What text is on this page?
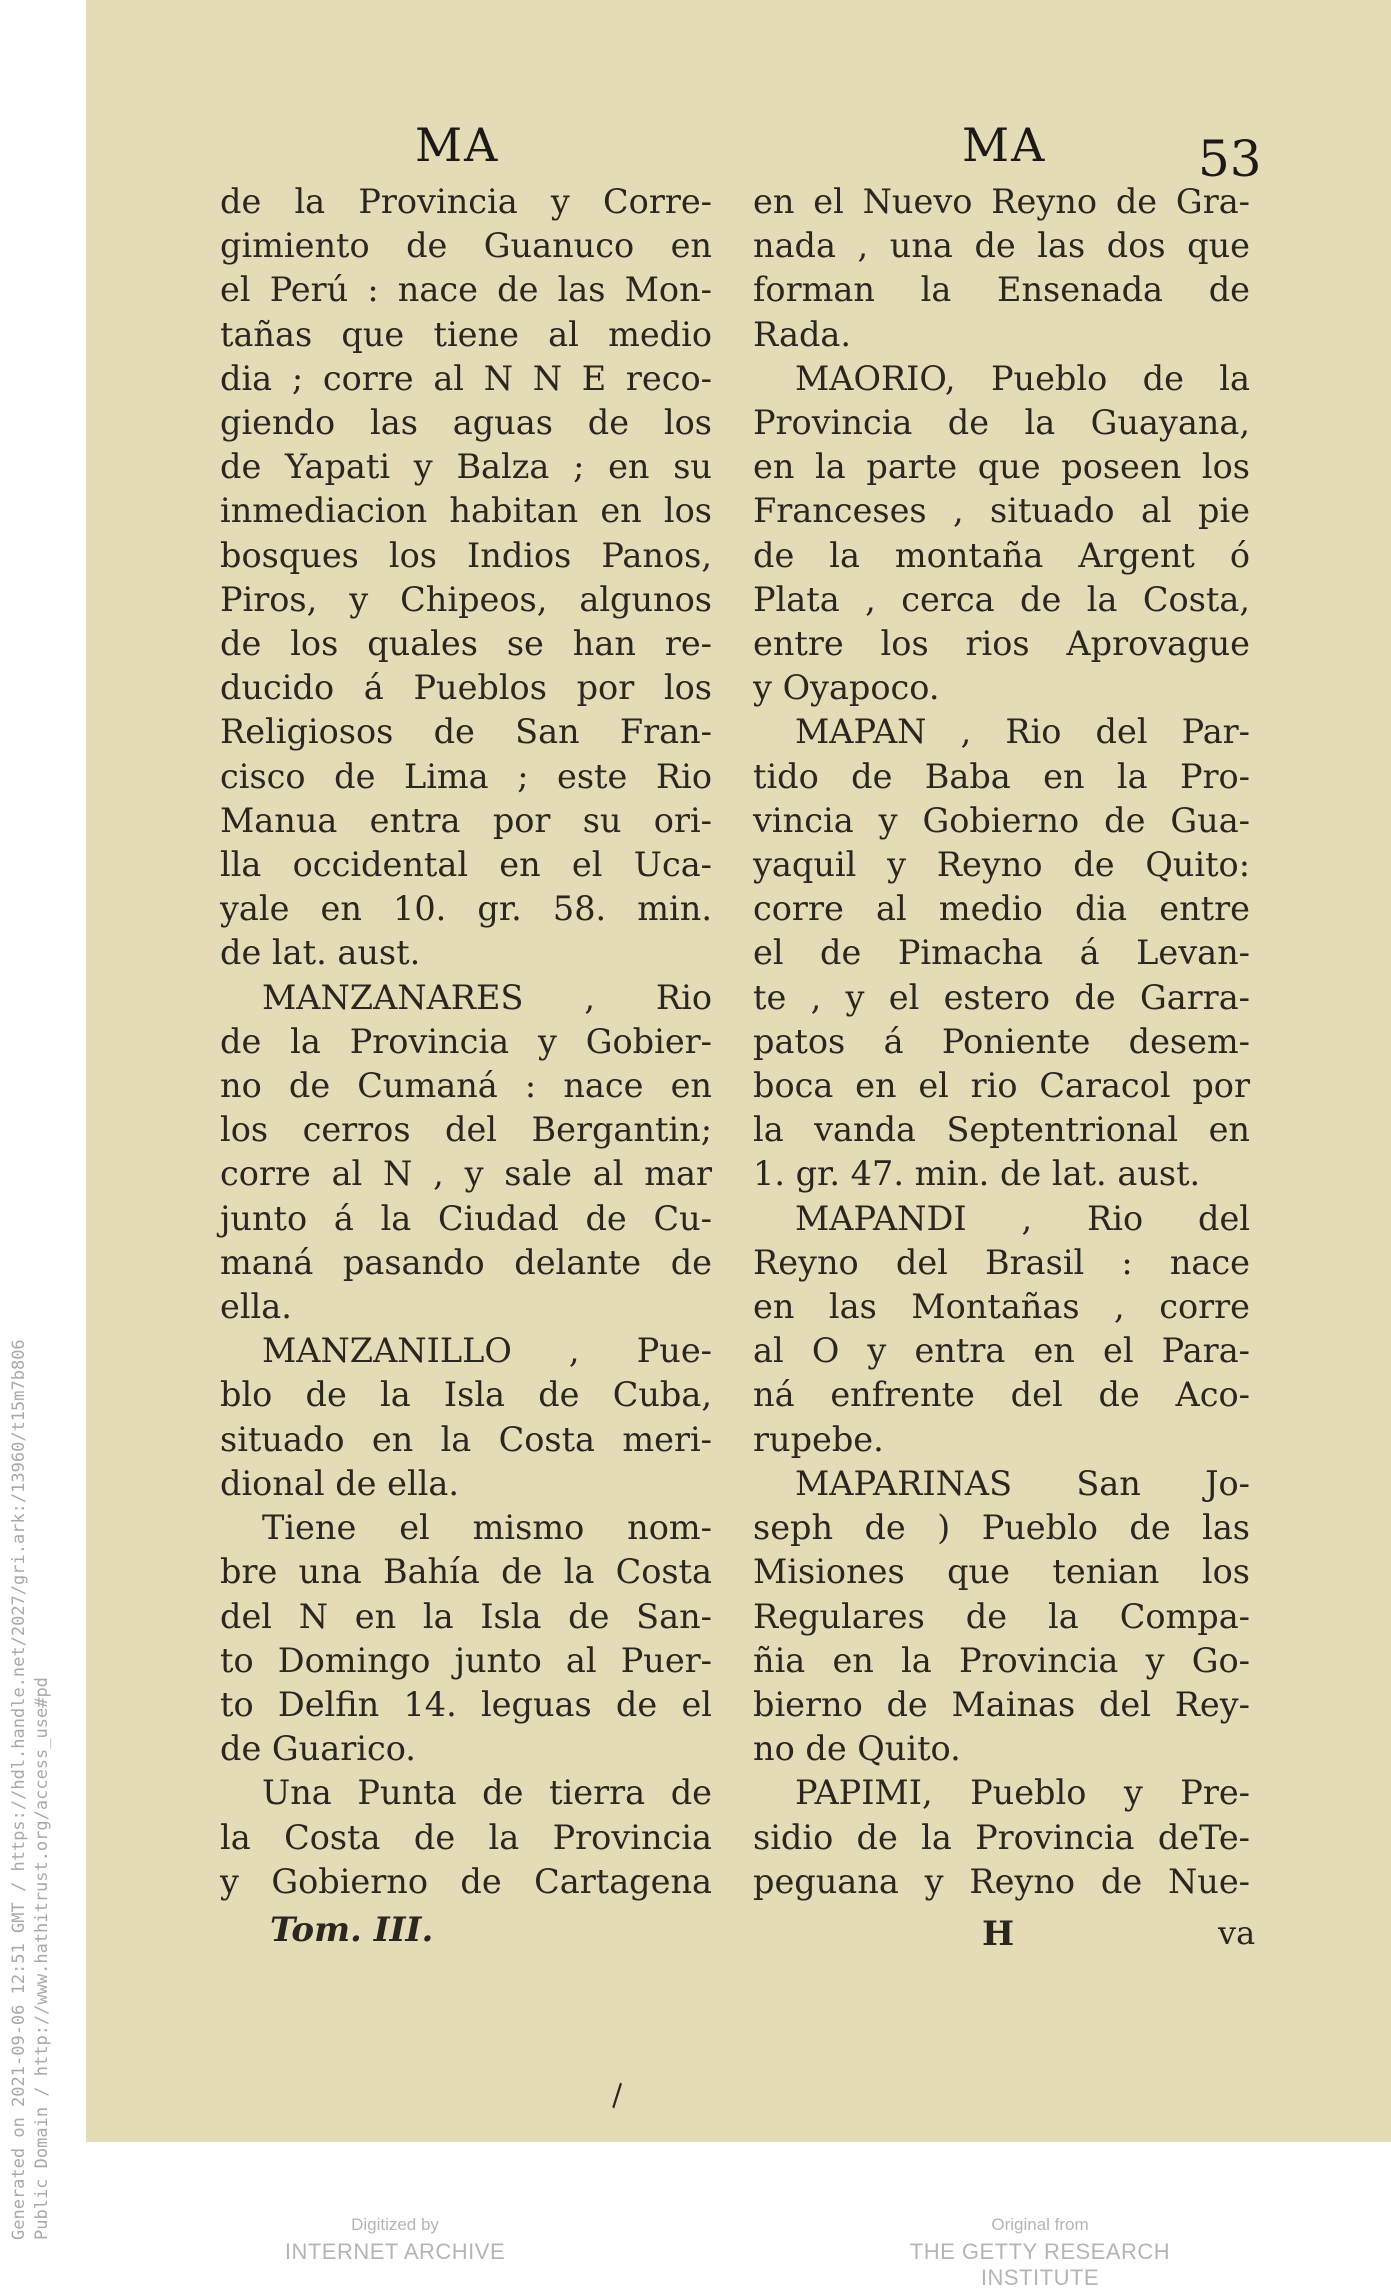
Generated on 2021-09-06 12:51 GMT / https://hdl.handle.net/2027/gri.ark:/13960/t15m7b806 Public Domain / http://www.hathitrust.org/access_use#pd
MA	MA	53
de la Provincia y Corre-
gimiento de Guanuco en
el Perú : nace de las Mon-
tañas que tiene al medio
dia ; corre al N N E reco-
giendo las aguas de los
de Yapati y Balza ; en su
inmediacion habitan en los
bosques los Indios Panos,
Piros, y Chipeos, algunos
de los quales se han re-
ducido á Pueblos por los
Religiosos de San Fran-
cisco de Lima ; este Rio
Manua entra por su ori-
lla occidental en el Uca-
yale en 10. gr. 58. min.
de lat. aust.
MANZANARES , Rio
de la Provincia y Gobier-
no de Cumaná : nace en
los cerros del Bergantin;
corre al N , y sale al mar
junto á la Ciudad de Cu-
maná pasando delante de
ella.
MANZANILLO , Pue-
blo de la Isla de Cuba,
situado en la Costa meri-
dional de ella.
Tiene el mismo nom-
bre una Bahía de la Costa
del N en la Isla de San-
to Domingo junto al Puer-
to Delfin 14. leguas de el
de Guarico.
Una Punta de tierra de
la Costa de la Provincia
y Gobierno de Cartagena
en el Nuevo Reyno de Gra-
nada , una de las dos que
forman la Ensenada de
Rada.
MAORIO, Pueblo de la
Provincia de la Guayana,
en la parte que poseen los
Franceses , situado al pie
de la montaña Argent ó
Plata , cerca de la Costa,
entre los rios Aprovague
y Oyapoco.
MAPAN , Rio del Par-
tido de Baba en la Pro-
vincia y Gobierno de Gua-
yaquil y Reyno de Quito:
corre al medio dia entre
el de Pimacha á Levan-
te , y el estero de Garra-
patos á Poniente desem-
boca en el rio Caracol por
la vanda Septentrional en
1. gr. 47. min. de lat. aust.
MAPANDI , Rio del
Reyno del Brasil : nace
en las Montañas , corre
al O y entra en el Para-
ná enfrente del de Aco-
rupebe.
MAPARINAS San Jo-
seph de ) Pueblo de las
Misiones que tenian los
Regulares de la Compa-
ñia en la Provincia y Go-
bierno de Mainas del Rey-
no de Quito.
PAPIMI, Pueblo y Pre-
sidio de la Provincia deTe-
peguana y Reyno de Nue-
Tom. III.	H	va
\
Digitized by
INTERNET ARCHIVE
Original from
THE GETTY RESEARCH INSTITUTE
